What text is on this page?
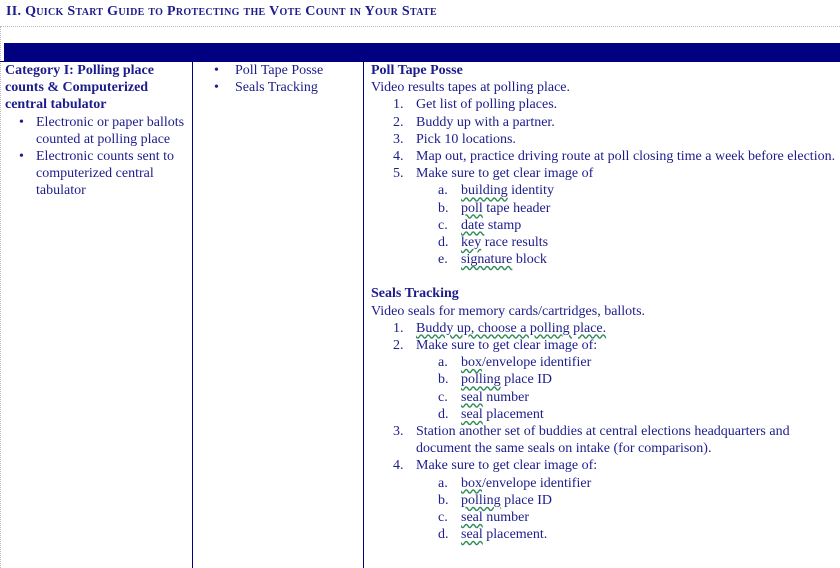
II. Quick Start Guide to Protecting the Vote Count in Your State
Category I: Polling place counts & Computerized central tabulator
• Electronic or paper ballots counted at polling place
• Electronic counts sent to computerized central tabulator
• Poll Tape Posse
• Seals Tracking
Poll Tape Posse
Video results tapes at polling place.
1. Get list of polling places.
2. Buddy up with a partner.
3. Pick 10 locations.
4. Map out, practice driving route at poll closing time a week before election.
5. Make sure to get clear image of
a. building identity
b. poll tape header
c. date stamp
d. key race results
e. signature block
Seals Tracking
Video seals for memory cards/cartridges, ballots.
1. Buddy up, choose a polling place.
2. Make sure to get clear image of:
a. box/envelope identifier
b. polling place ID
c. seal number
d. seal placement
3. Station another set of buddies at central elections headquarters and document the same seals on intake (for comparison).
4. Make sure to get clear image of:
a. box/envelope identifier
b. polling place ID
c. seal number
d. seal placement.
